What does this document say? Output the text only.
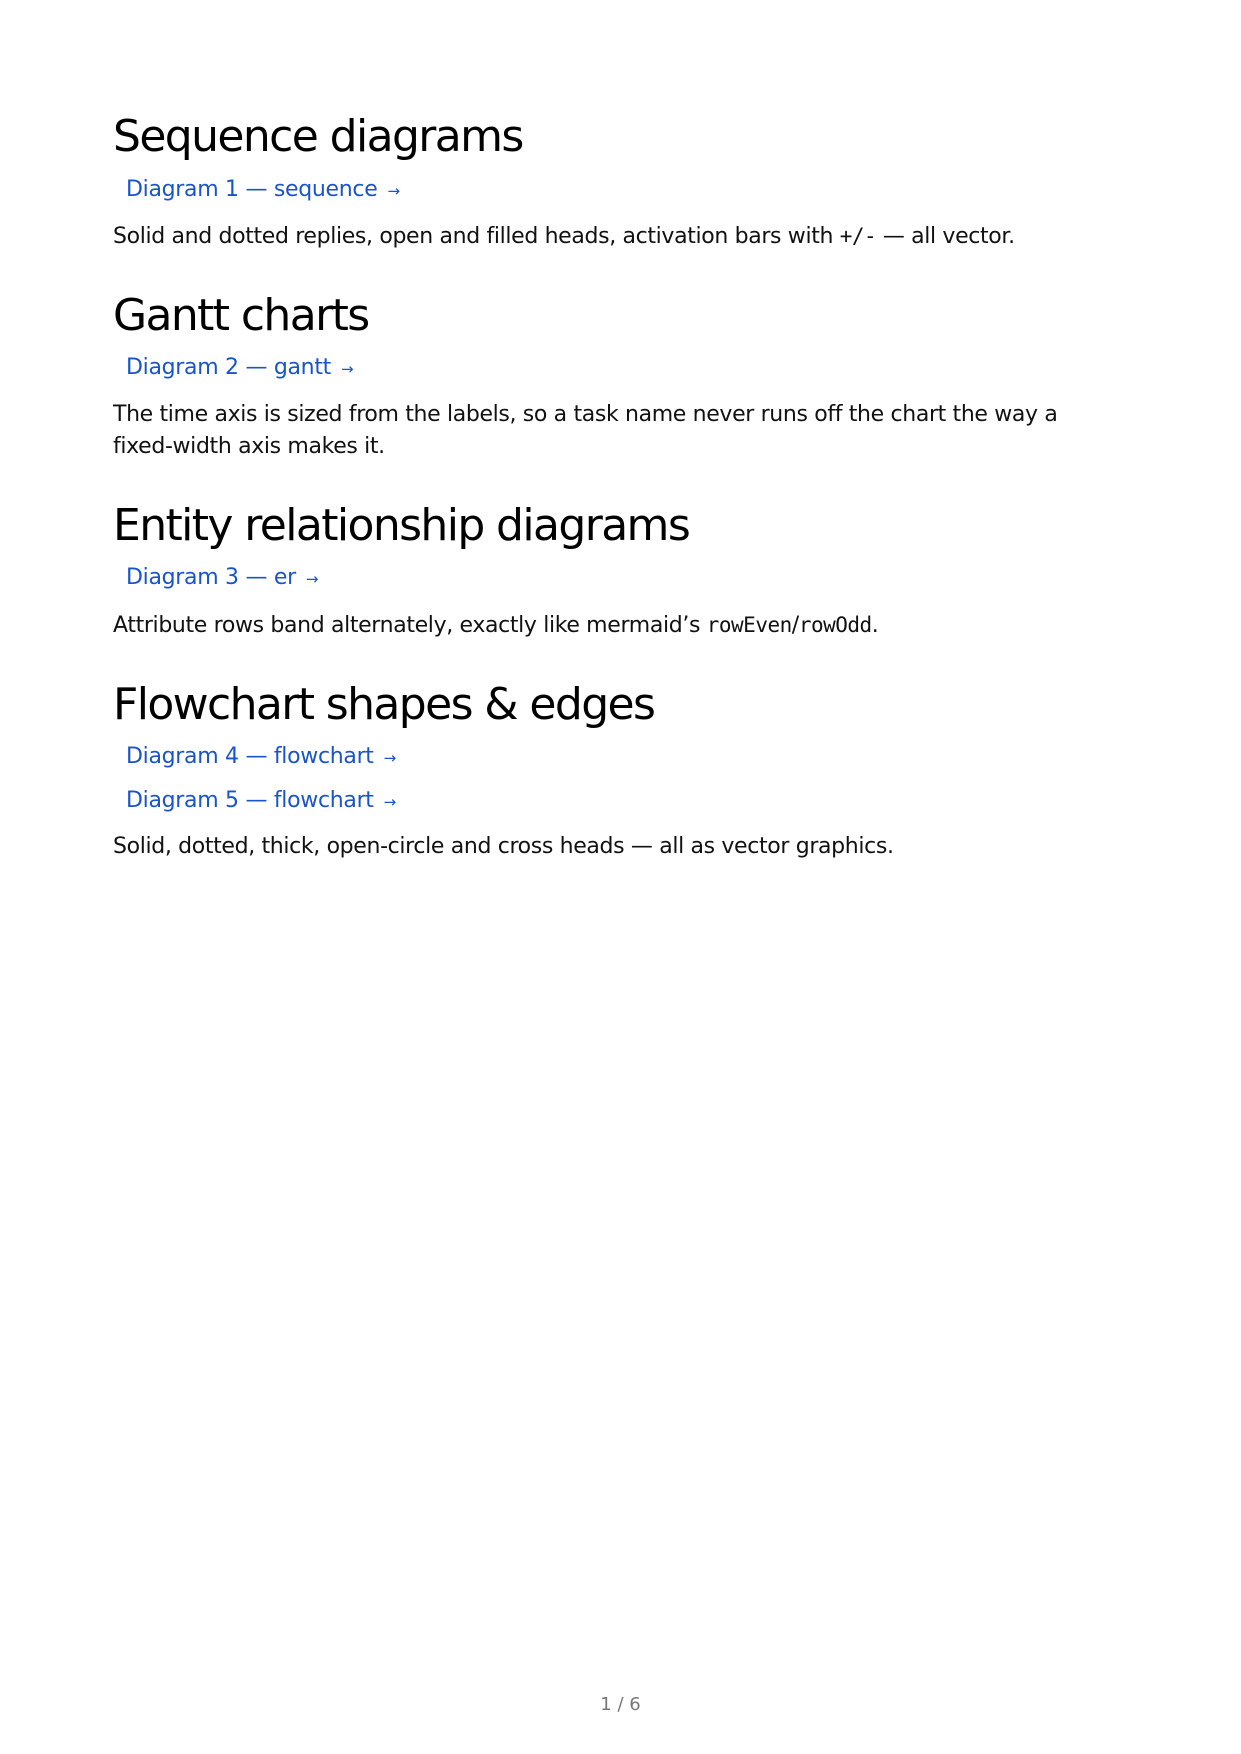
Sequence diagrams
Diagram 1 — sequence →

Solid and dotted replies, open and filled heads, activation bars with +/- — all vector.

Gantt charts
Diagram 2 — gantt →

The time axis is sized from the labels, so a task name never runs off the chart the way a fixed-width axis makes it.

Entity relationship diagrams
Diagram 3 — er →

Attribute rows band alternately, exactly like mermaid’s rowEven/rowOdd.

Flowchart shapes & edges
Diagram 4 — flowchart →
Diagram 5 — flowchart →

Solid, dotted, thick, open-circle and cross heads — all as vector graphics.

1 / 6
